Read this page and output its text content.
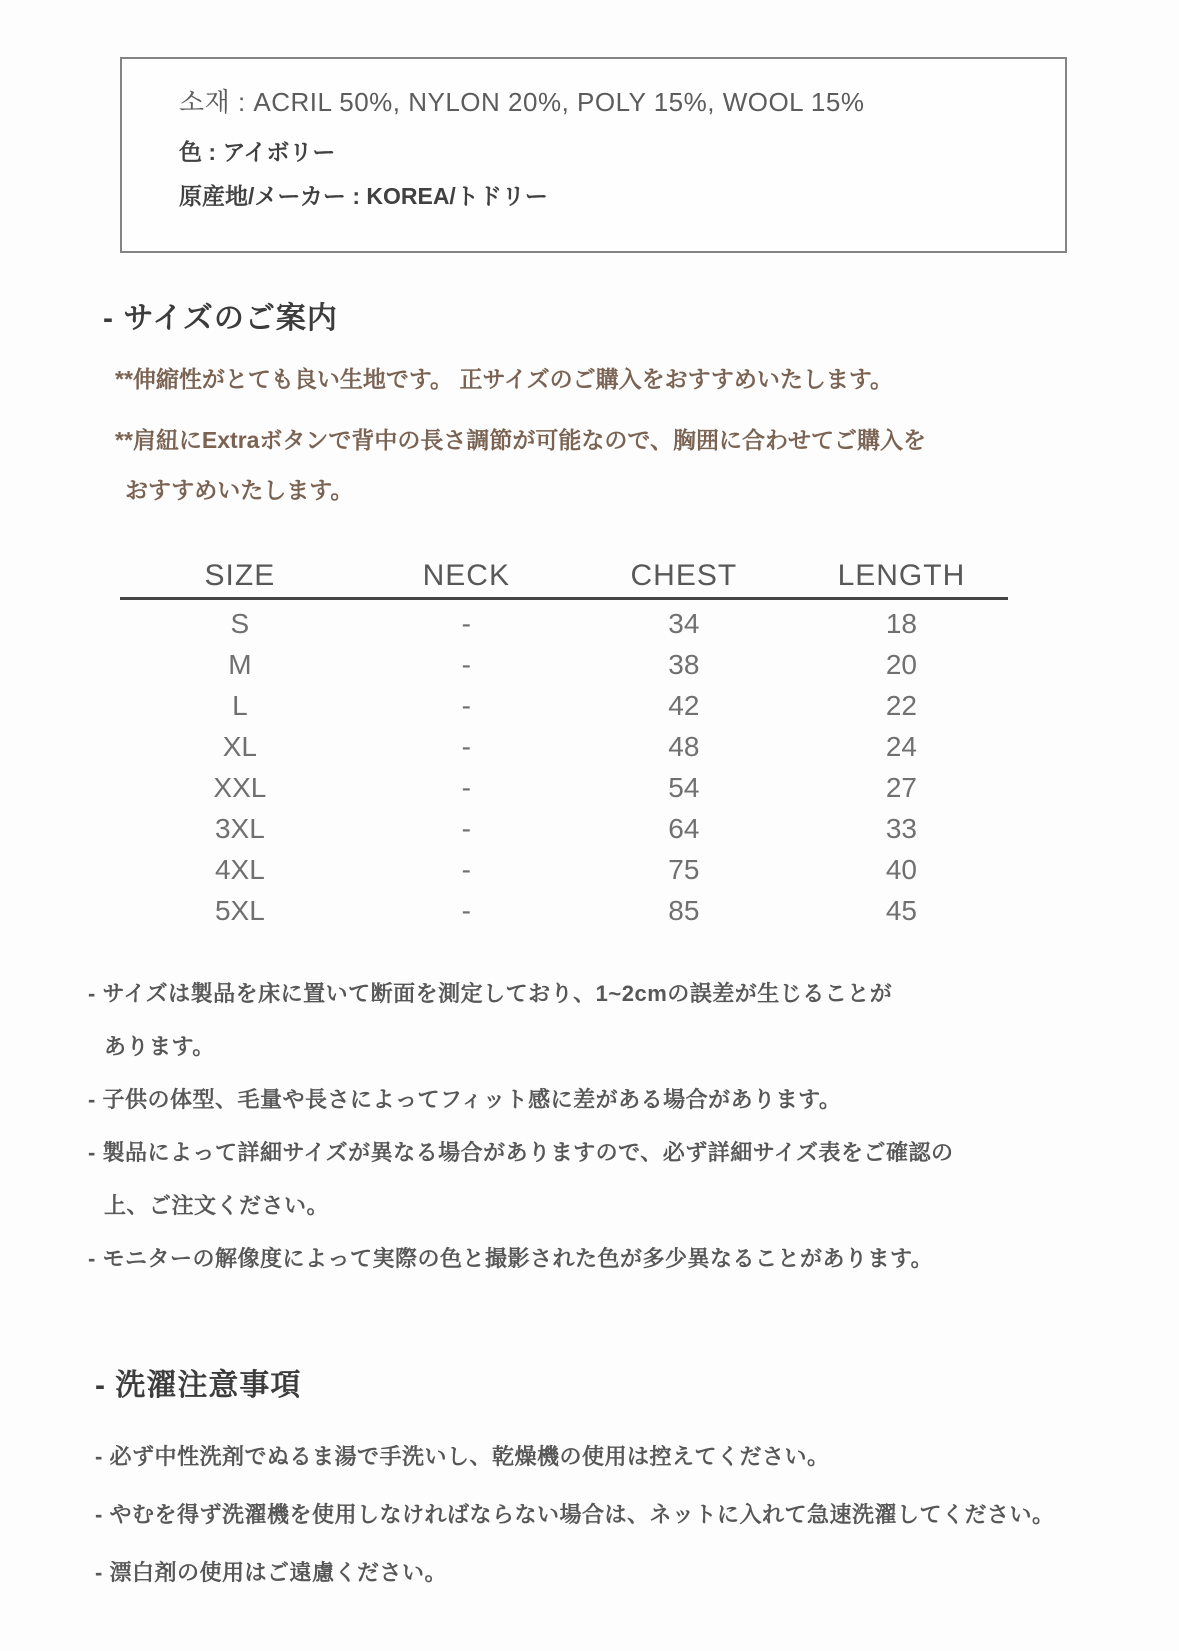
소재 : ACRIL 50%, NYLON 20%, POLY 15%, WOOL 15%
色 : アイボリー
原産地/メーカー : KOREA/トドリー
- サイズのご案内
**伸縮性がとても良い生地です。 正サイズのご購入をおすすめいたします。
**肩紐にExtraボタンで背中の長さ調節が可能なので、胸囲に合わせてご購入を
おすすめいたします。
SIZE	NECK	CHEST	LENGTH
S	-	34	18
M	-	38	20
L	-	42	22
XL	-	48	24
XXL	-	54	27
3XL	-	64	33
4XL	-	75	40
5XL	-	85	45
- サイズは製品を床に置いて断面を測定しており、1~2cmの誤差が生じることが
あります。
- 子供の体型、毛量や長さによってフィット感に差がある場合があります。
- 製品によって詳細サイズが異なる場合がありますので、必ず詳細サイズ表をご確認の
上、ご注文ください。
- モニターの解像度によって実際の色と撮影された色が多少異なることがあります。
- 洗濯注意事項
- 必ず中性洗剤でぬるま湯で手洗いし、乾燥機の使用は控えてください。
- やむを得ず洗濯機を使用しなければならない場合は、ネットに入れて急速洗濯してください。
- 漂白剤の使用はご遠慮ください。
